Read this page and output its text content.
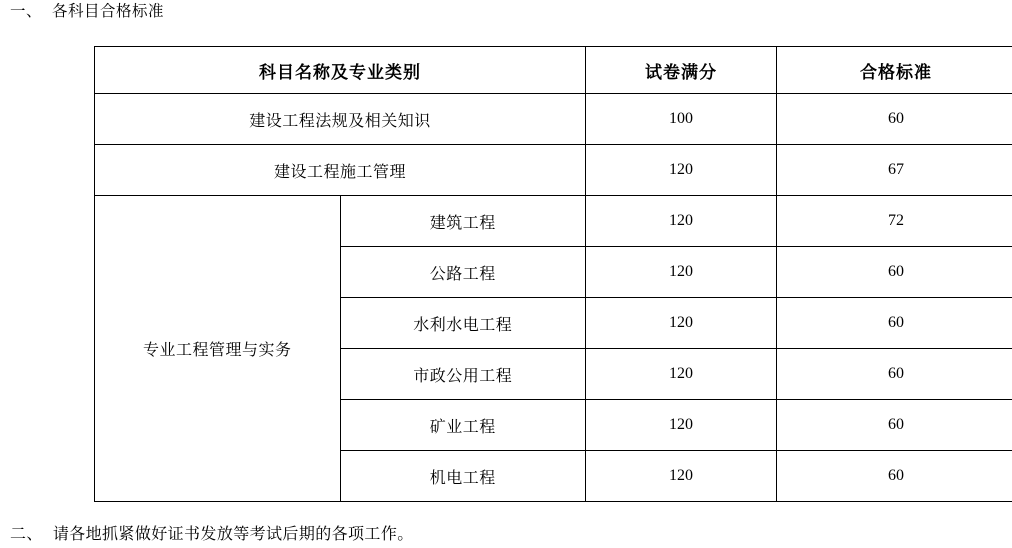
一、 各科目合格标准
科目名称及专业类别		试卷满分	合格标准
建设工程法规及相关知识		100	60
建设工程施工管理		120	67
专业工程管理与实务	建筑工程	120	72
	公路工程	120	60
	水利水电工程	120	60
	市政公用工程	120	60
	矿业工程	120	60
	机电工程	120	60
二、 请各地抓紧做好证书发放等考试后期的各项工作。
